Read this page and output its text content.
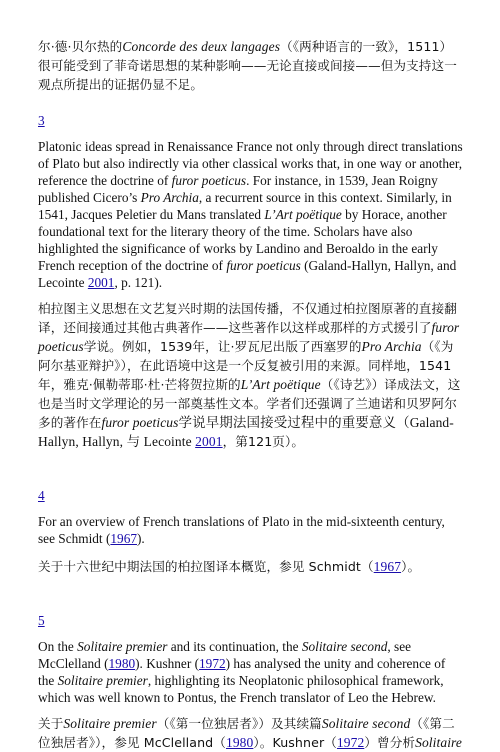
尔·德·贝尔热的Concorde des deux langages（《两种语言的一致》，1511）很可能受到了菲奇诺思想的某种影响——无论直接或间接——但为支持这一观点所提出的证据仍显不足。

3

Platonic ideas spread in Renaissance France not only through direct translations of Plato but also indirectly via other classical works that, in one way or another, reference the doctrine of furor poeticus. For instance, in 1539, Jean Roigny published Cicero’s Pro Archia, a recurrent source in this context. Similarly, in 1541, Jacques Peletier du Mans translated L’Art poëtique by Horace, another foundational text for the literary theory of the time. Scholars have also highlighted the significance of works by Landino and Beroaldo in the early French reception of the doctrine of furor poeticus (Galand-Hallyn, Hallyn, and Lecointe 2001, p. 121).

柏拉图主义思想在文艺复兴时期的法国传播，不仅通过柏拉图原著的直接翻译，还间接通过其他古典著作——这些著作以这样或那样的方式援引了furor poeticus学说。例如，1539年，让·罗瓦尼出版了西塞罗的Pro Archia（《为阿尔基亚辩护》），在此语境中这是一个反复被引用的来源。同样地，1541年，雅克·佩勒蒂耶·杜·芒将贺拉斯的L’Art poëtique（《诗艺》）译成法文，这也是当时文学理论的另一部奠基性文本。学者们还强调了兰迪诺和贝罗阿尔多的著作在furor poeticus学说早期法国接受过程中的重要意义（Galand-Hallyn, Hallyn, 与 Lecointe 2001，第121页）。

4

For an overview of French translations of Plato in the mid-sixteenth century, see Schmidt (1967).

关于十六世纪中期法国的柏拉图译本概览，参见 Schmidt（1967）。

5

On the Solitaire premier and its continuation, the Solitaire second, see McClelland (1980). Kushner (1972) has analysed the unity and coherence of the Solitaire premier, highlighting its Neoplatonic philosophical framework, which was well known to Pontus, the French translator of Leo the Hebrew.

关于Solitaire premier（《第一位独居者》）及其续篇Solitaire second（《第二位独居者》），参见 McClelland（1980）。Kushner（1972）曾分析Solitaire
